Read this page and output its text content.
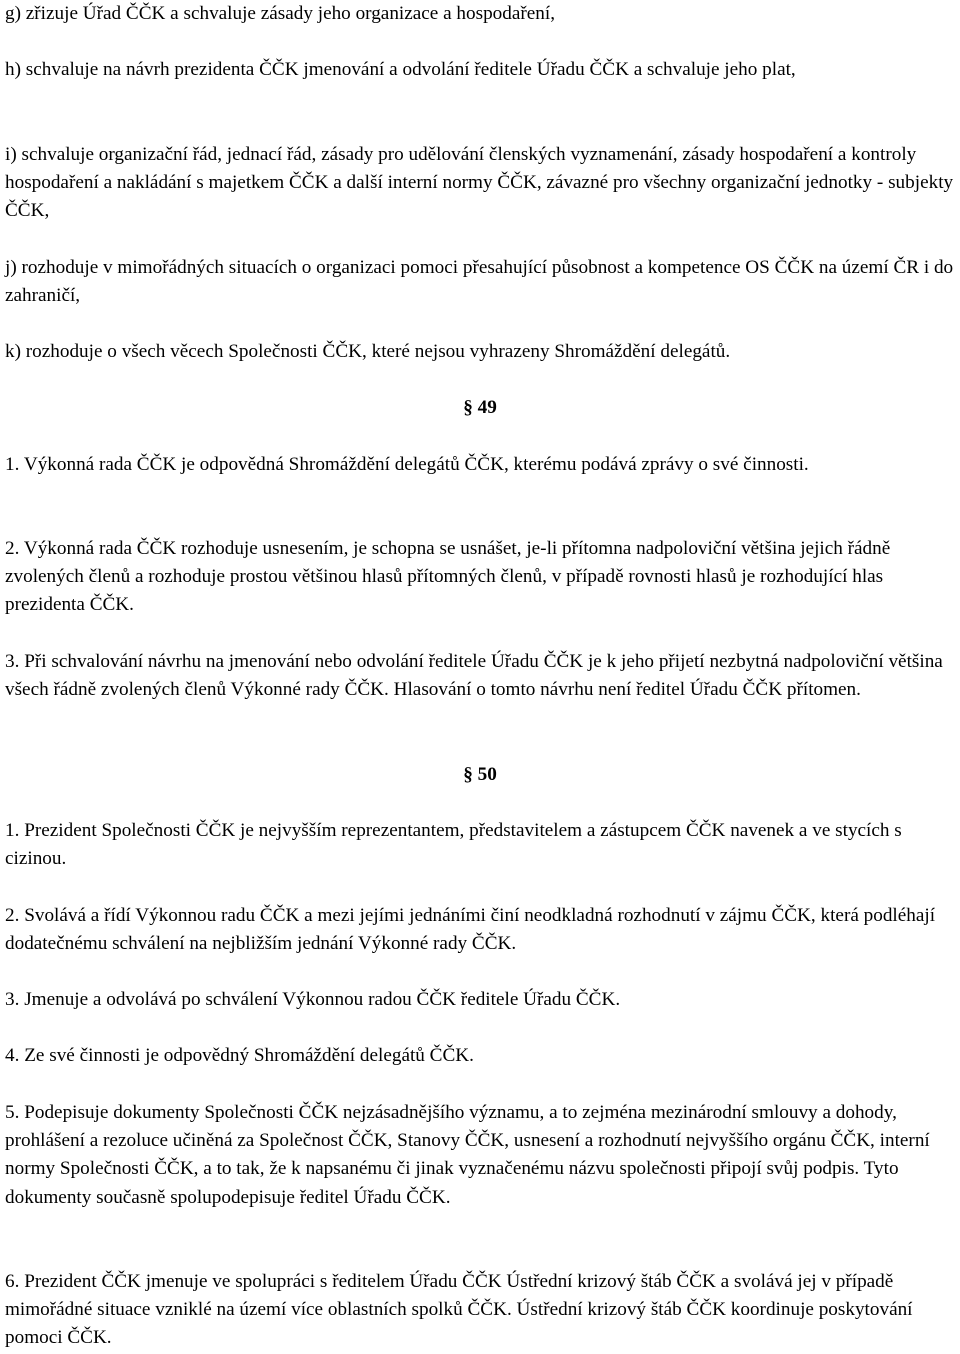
g) zřizuje Úřad ČČK a schvaluje zásady jeho organizace a hospodaření,

h) schvaluje na návrh prezidenta ČČK jmenování a odvolání ředitele Úřadu ČČK a schvaluje jeho plat,

i) schvaluje organizační řád, jednací řád, zásady pro udělování členských vyznamenání, zásady hospodaření a kontroly hospodaření a nakládání s majetkem ČČK a další interní normy ČČK, závazné pro všechny organizační jednotky - subjekty ČČK,

j) rozhoduje v mimořádných situacích o organizaci pomoci přesahující působnost a kompetence OS ČČK na území ČR i do zahraničí,

k) rozhoduje o všech věcech Společnosti ČČK, které nejsou vyhrazeny Shromáždění delegátů.

§ 49

1. Výkonná rada ČČK je odpovědná Shromáždění delegátů ČČK, kterému podává zprávy o své činnosti.

2. Výkonná rada ČČK rozhoduje usnesením, je schopna se usnášet, je-li přítomna nadpoloviční většina jejich řádně zvolených členů a rozhoduje prostou většinou hlasů přítomných členů, v případě rovnosti hlasů je rozhodující hlas prezidenta ČČK.

3. Při schvalování návrhu na jmenování nebo odvolání ředitele Úřadu ČČK je k jeho přijetí nezbytná nadpoloviční většina všech řádně zvolených členů Výkonné rady ČČK. Hlasování o tomto návrhu není ředitel Úřadu ČČK přítomen.

§ 50

1. Prezident Společnosti ČČK je nejvyšším reprezentantem, představitelem a zástupcem ČČK navenek a ve stycích s cizinou.

2. Svolává a řídí Výkonnou radu ČČK a mezi jejími jednáními činí neodkladná rozhodnutí v zájmu ČČK, která podléhají dodatečnému schválení na nejbližším jednání Výkonné rady ČČK.

3. Jmenuje a odvolává po schválení Výkonnou radou ČČK ředitele Úřadu ČČK.

4. Ze své činnosti je odpovědný Shromáždění delegátů ČČK.

5. Podepisuje dokumenty Společnosti ČČK nejzásadnějšího významu, a to zejména mezinárodní smlouvy a dohody, prohlášení a rezoluce učiněná za Společnost ČČK, Stanovy ČČK, usnesení a rozhodnutí nejvyššího orgánu ČČK, interní normy Společnosti ČČK, a to tak, že k napsanému či jinak vyznačenému názvu společnosti připojí svůj podpis. Tyto dokumenty současně spolupodepisuje ředitel Úřadu ČČK.

6. Prezident ČČK jmenuje ve spolupráci s ředitelem Úřadu ČČK Ústřední krizový štáb ČČK a svolává jej v případě mimořádné situace vzniklé na území více oblastních spolků ČČK. Ústřední krizový štáb ČČK koordinuje poskytování pomoci ČČK.
